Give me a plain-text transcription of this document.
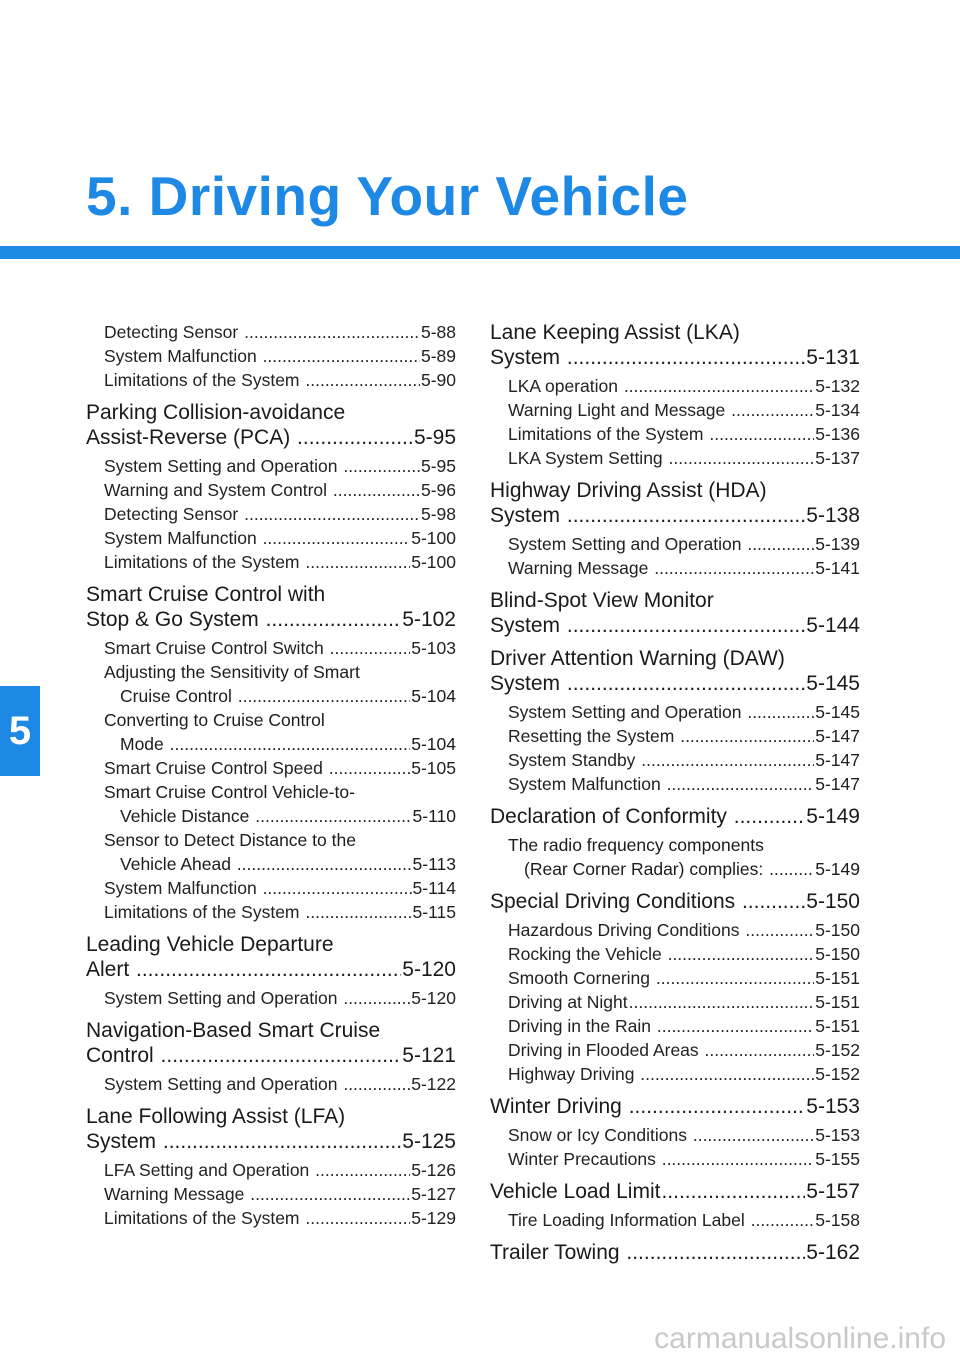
5. Driving Your Vehicle
5
Detecting Sensor .....	5-88
System Malfunction .....	5-89
Limitations of the System .....	5-90
Parking Collision-avoidance
Assist-Reverse (PCA) .....	5-95
System Setting and Operation .....	5-95
Warning and System Control .....	5-96
Detecting Sensor .....	5-98
System Malfunction .....	5-100
Limitations of the System .....	5-100
Smart Cruise Control with
Stop & Go System .....	5-102
Smart Cruise Control Switch .....	5-103
Adjusting the Sensitivity of Smart
Cruise Control .....	5-104
Converting to Cruise Control
Mode .....	5-104
Smart Cruise Control Speed .....	5-105
Smart Cruise Control Vehicle-to-
Vehicle Distance .....	5-110
Sensor to Detect Distance to the
Vehicle Ahead .....	5-113
System Malfunction .....	5-114
Limitations of the System .....	5-115
Leading Vehicle Departure
Alert .....	5-120
System Setting and Operation .....	5-120
Navigation-Based Smart Cruise
Control .....	5-121
System Setting and Operation .....	5-122
Lane Following Assist (LFA)
System .....	5-125
LFA Setting and Operation .....	5-126
Warning Message .....	5-127
Limitations of the System .....	5-129
Lane Keeping Assist (LKA)
System .....	5-131
LKA operation .....	5-132
Warning Light and Message .....	5-134
Limitations of the System .....	5-136
LKA System Setting .....	5-137
Highway Driving Assist (HDA)
System .....	5-138
System Setting and Operation .....	5-139
Warning Message .....	5-141
Blind-Spot View Monitor
System .....	5-144
Driver Attention Warning (DAW)
System .....	5-145
System Setting and Operation .....	5-145
Resetting the System .....	5-147
System Standby .....	5-147
System Malfunction .....	5-147
Declaration of Conformity .....	5-149
The radio frequency components
(Rear Corner Radar) complies: .....	5-149
Special Driving Conditions .....	5-150
Hazardous Driving Conditions .....	5-150
Rocking the Vehicle .....	5-150
Smooth Cornering .....	5-151
Driving at Night .....	5-151
Driving in the Rain .....	5-151
Driving in Flooded Areas .....	5-152
Highway Driving .....	5-152
Winter Driving .....	5-153
Snow or Icy Conditions .....	5-153
Winter Precautions .....	5-155
Vehicle Load Limit .....	5-157
Tire Loading Information Label .....	5-158
Trailer Towing .....	5-162
carmanualsonline.info
